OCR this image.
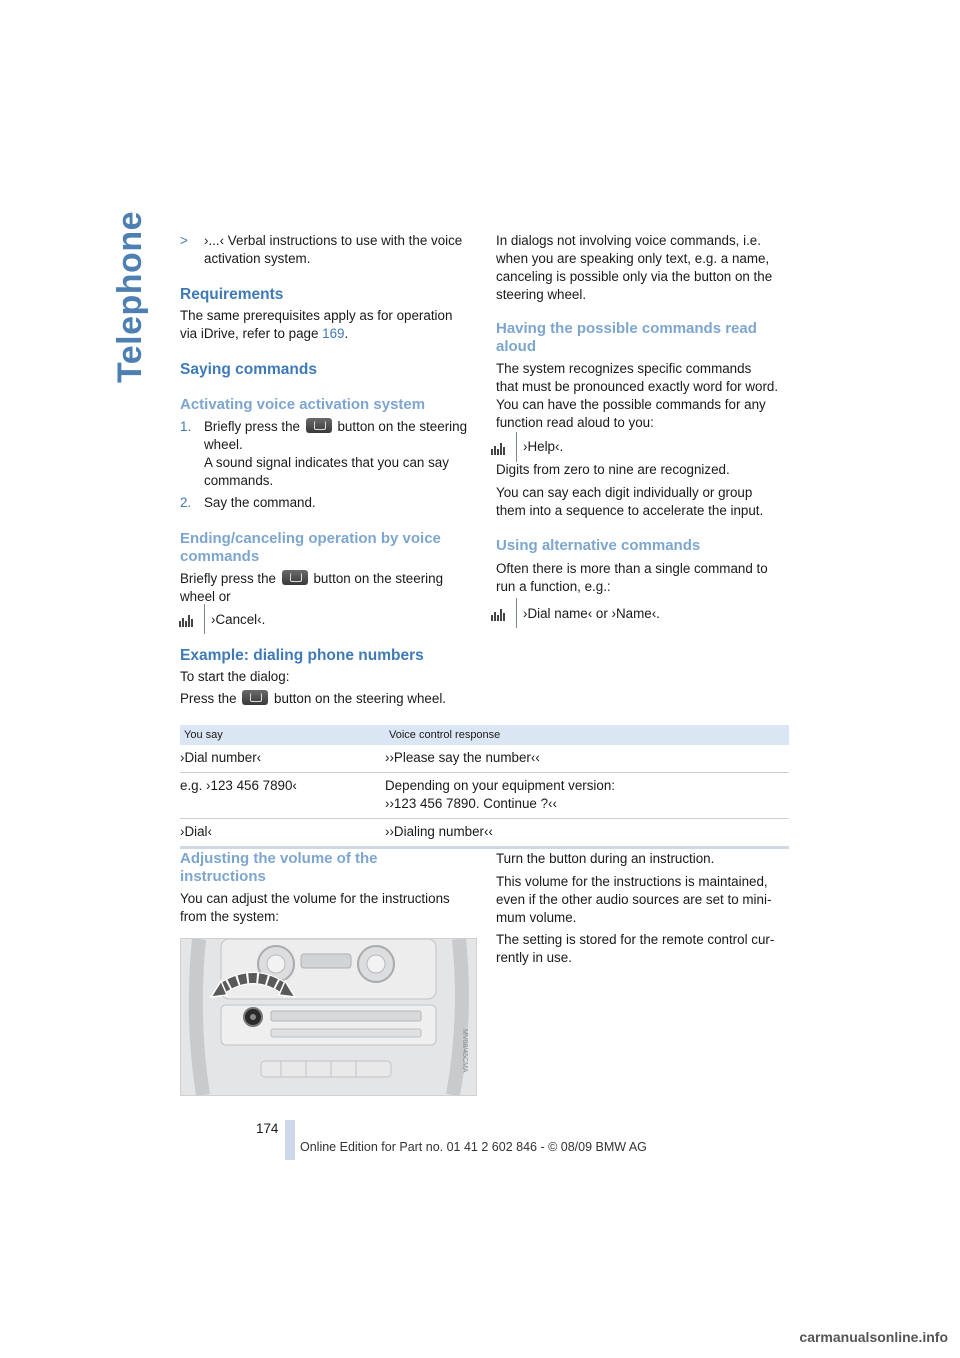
Telephone > ›...‹ Verbal instructions to use with the voice
activation system.
Requirements

The same prerequisites apply as for operation

via iDrive, refer to page 169.

Saying commands
Activating voice activation system
1. Briefly press the	button on the steering

wheel.

A sound signal indicates that you can say

commands.

2. Say the command.

Ending/canceling operation by voice
commands

Briefly press the	button on the steering

wheel or

›Cancel‹.
Example: dialing phone numbers

To start the dialog:

Press the	button on the steering wheel.

In dialogs not involving voice commands, i.e.

when you are speaking only text, e.g. a name,

canceling is possible only via the button on the

steering wheel.

Having the possible commands read
aloud

The system recognizes specific commands

that must be pronounced exactly word for word.

You can have the possible commands for any

function read aloud to you:

›Help‹.

Digits from zero to nine are recognized.

You can say each digit individually or group

them into a sequence to accelerate the input.

Using alternative commands

Often there is more than a single command to

run a function, e.g.:

›Dial name‹ or ›Name‹.
You say	Voice control response
›Dial number‹	››Please say the number‹‹

e.g. ›123 456 7890‹	Depending on your equipment version:
››123 456 7890. Continue ?‹‹

›Dial‹	››Dialing number‹‹
Adjusting the volume of the
instructions

You can adjust the volume for the instructions

from the system:

MV08/45CMA

Turn the button during an instruction.

This volume for the instructions is maintained,

even if the other audio sources are set to mini-

mum volume.

The setting is stored for the remote control cur-

rently in use.

174
Online Edition for Part no. 01 41 2 602 846 - © 08/09 BMW AG
carmanualsonline.info
